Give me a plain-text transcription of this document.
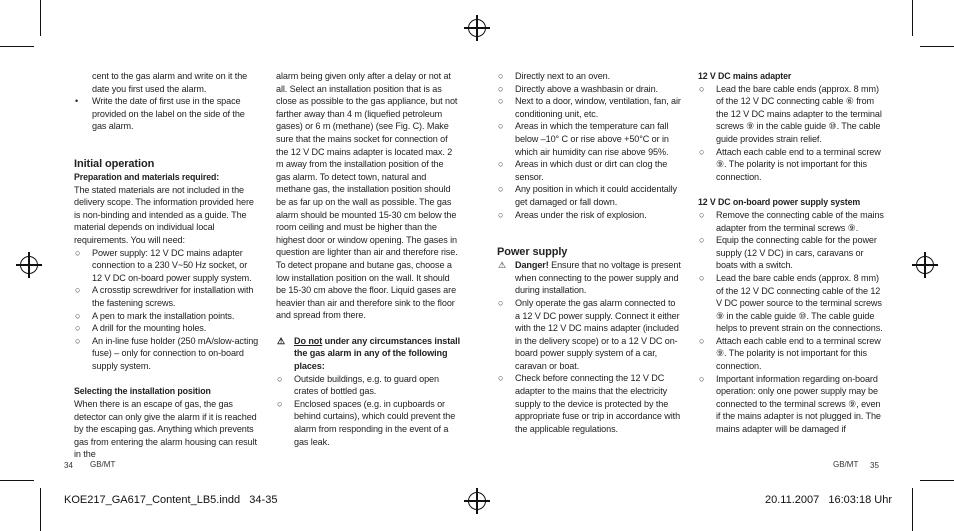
cent to the gas alarm and write on it the date you first used the alarm.

• Write the date of first use in the space provided on the label on the side of the gas alarm.

Initial operation

Preparation and materials required:

The stated materials are not included in the delivery scope. The information provided here is non-binding and intended as a guide. The material depends on individual local requirements. You will need:

○ Power supply: 12 V DC mains adapter connection to a 230 V~50 Hz socket, or 12 V DC on-board power supply system.

○ A crosstip screwdriver for installation with the fastening screws.

○ A pen to mark the installation points.

○ A drill for the mounting holes.

○ An in-line fuse holder (250 mA/slow-acting fuse) – only for connection to on-board supply system.

Selecting the installation position

When there is an escape of gas, the gas detector can only give the alarm if it is reached by the escaping gas. Anything which prevents gas from entering the alarm housing can result in the

alarm being given only after a delay or not at all. Select an installation position that is as close as possible to the gas appliance, but not farther away than 4 m (liquefied petroleum gases) or 6 m (methane) (see Fig. C). Make sure that the mains socket for connection of the 12 V DC mains adapter is located max. 2 m away from the installation position of the gas alarm. To detect town, natural and methane gas, the installation position should be as far up on the wall as possible. The gas alarm should be mounted 15-30 cm below the room ceiling and must be higher than the highest door or window opening. The gases in question are lighter than air and therefore rise.

To detect propane and butane gas, choose a low installation position on the wall. It should be 15-30 cm above the floor. Liquid gases are heavier than air and therefore sink to the floor and spread from there.

⚠ Do not under any circumstances install the gas alarm in any of the following places:

○ Outside buildings, e.g. to guard open crates of bottled gas.

○ Enclosed spaces (e.g. in cupboards or behind curtains), which could prevent the alarm from responding in the event of a gas leak.

○ Directly next to an oven.

○ Directly above a washbasin or drain.

○ Next to a door, window, ventilation, fan, air conditioning unit, etc.

○ Areas in which the temperature can fall below –10° C or rise above +50°C or in which air humidity can rise above 95%.

○ Areas in which dust or dirt can clog the sensor.

○ Any position in which it could accidentally get damaged or fall down.

○ Areas under the risk of explosion.

Power supply

⚠ Danger! Ensure that no voltage is present when connecting to the power supply and during installation.

○ Only operate the gas alarm connected to a 12 V DC power supply. Connect it either with the 12 V DC mains adapter (included in the delivery scope) or to a 12 V DC on-board power supply system of a car, caravan or boat.

○ Check before connecting the 12 V DC adapter to the mains that the electricity supply to the device is protected by the appropriate fuse or trip in accordance with the applicable regulations.

12 V DC mains adapter

○ Lead the bare cable ends (approx. 8 mm) of the 12 V DC connecting cable ⑥ from the 12 V DC mains adapter to the terminal screws ⑨ in the cable guide ⑩. The cable guide provides strain relief.

○ Attach each cable end to a terminal screw ⑨. The polarity is not important for this connection.

12 V DC on-board power supply system

○ Remove the connecting cable of the mains adapter from the terminal screws ⑨.

○ Equip the connecting cable for the power supply (12 V DC) in cars, caravans or boats with a switch.

○ Lead the bare cable ends (approx. 8 mm) of the 12 V DC connecting cable of the 12 V DC power source to the terminal screws ⑨ in the cable guide ⑩. The cable guide helps to prevent strain on the connections.

○ Attach each cable end to a terminal screw ⑨. The polarity is not important for this connection.

○ Important information regarding on-board operation: only one power supply may be connected to the terminal screws ⑨, even if the mains adapter is not plugged in. The mains adapter will be damaged if

34 GB/MT	GB/MT 35
KOE217_GA617_Content_LB5.indd   34-35	20.11.2007   16:03:18 Uhr
